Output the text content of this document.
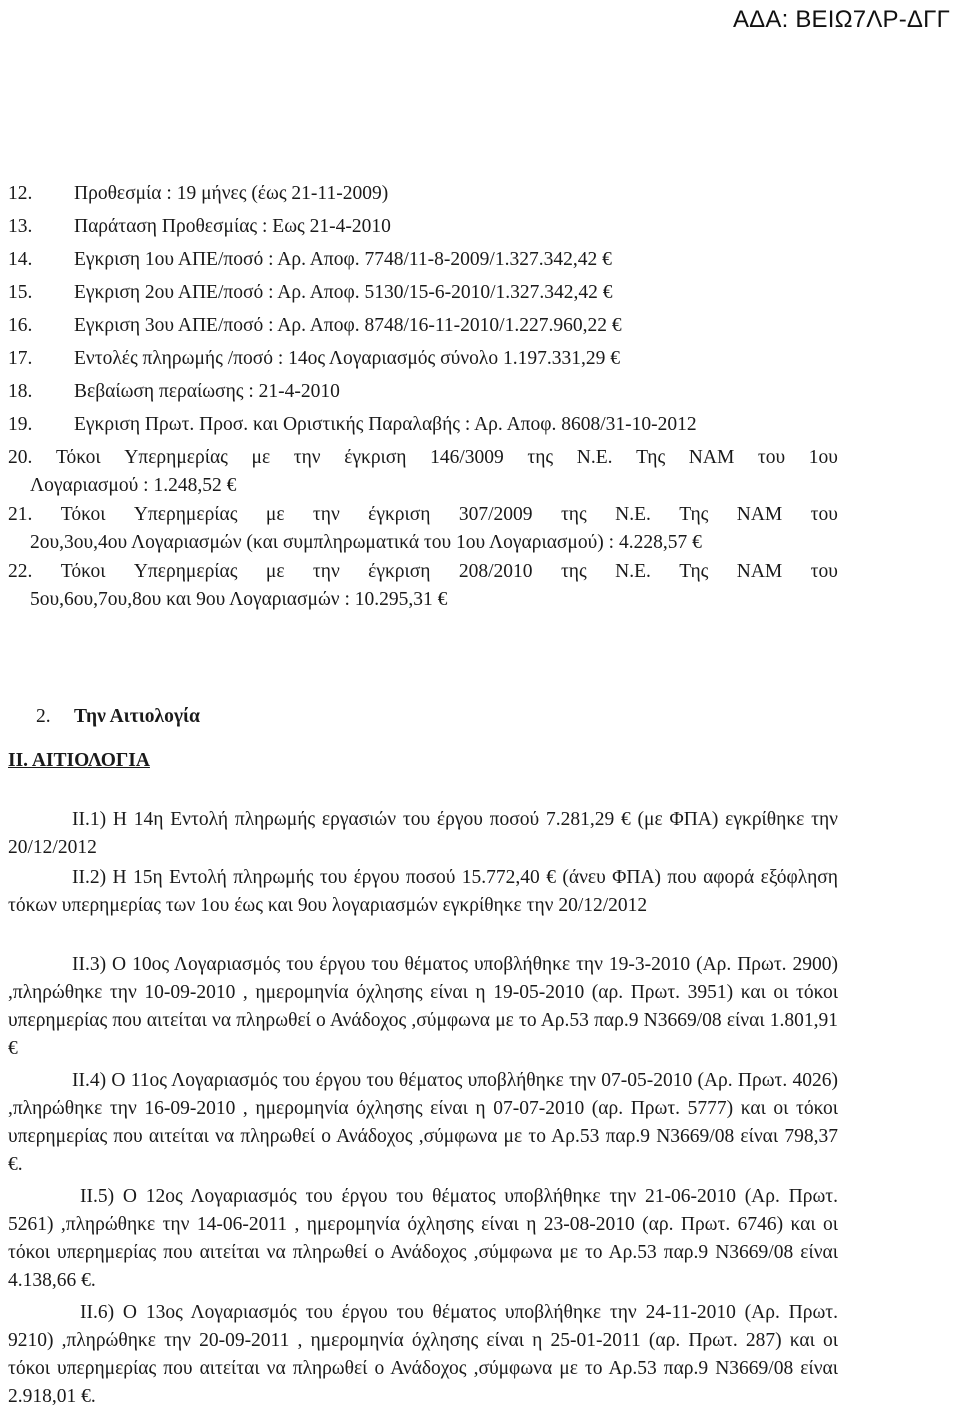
ΑΔΑ: ΒΕΙΩ7ΛΡ-ΔΓΓ
12. Προθεσμία : 19 μήνες (έως 21-11-2009)
13. Παράταση Προθεσμίας : Εως 21-4-2010
14. Εγκριση 1ου ΑΠΕ/ποσό : Αρ. Αποφ. 7748/11-8-2009/1.327.342,42 €
15. Εγκριση 2ου ΑΠΕ/ποσό : Αρ. Αποφ. 5130/15-6-2010/1.327.342,42 €
16. Εγκριση 3ου ΑΠΕ/ποσό : Αρ. Αποφ. 8748/16-11-2010/1.227.960,22 €
17. Εντολές πληρωμής /ποσό : 14ος Λογαριασμός σύνολο 1.197.331,29 €
18. Βεβαίωση περαίωσης : 21-4-2010
19. Εγκριση Πρωτ. Προσ. και Οριστικής Παραλαβής : Αρ. Αποφ. 8608/31-10-2012
20. Τόκοι Υπερημερίας με την έγκριση 146/3009 της Ν.Ε. Της ΝΑΜ του 1ου
Λογαριασμού : 1.248,52 €
21. Τόκοι Υπερημερίας με την έγκριση 307/2009 της Ν.Ε. Της ΝΑΜ του
2ου,3ου,4ου Λογαριασμών (και συμπληρωματικά του 1ου Λογαριασμού) : 4.228,57 €
22. Τόκοι Υπερημερίας με την έγκριση 208/2010 της Ν.Ε. Της ΝΑΜ του
5ου,6ου,7ου,8ου και 9ου Λογαριασμών : 10.295,31 €
2. Την Αιτιολογία
ΙΙ. ΑΙΤΙΟΛΟΓΙΑ

ΙΙ.1) Η 14η Εντολή πληρωμής εργασιών του έργου ποσού 7.281,29 € (με ΦΠΑ) εγκρίθηκε την 20/12/2012

ΙΙ.2) Η 15η Εντολή πληρωμής του έργου ποσού 15.772,40 € (άνευ ΦΠΑ) που αφορά εξόφληση τόκων υπερημερίας των 1ου έως και 9ου λογαριασμών εγκρίθηκε την 20/12/2012

ΙΙ.3) Ο 10ος Λογαριασμός του έργου του θέματος υποβλήθηκε την 19-3-2010 (Αρ. Πρωτ. 2900) ,πληρώθηκε την 10-09-2010 , ημερομηνία όχλησης είναι η 19-05-2010 (αρ. Πρωτ. 3951) και οι τόκοι υπερημερίας που αιτείται να πληρωθεί ο Ανάδοχος ,σύμφωνα με το Αρ.53 παρ.9 Ν3669/08 είναι 1.801,91 €

ΙΙ.4) Ο 11ος Λογαριασμός του έργου του θέματος υποβλήθηκε την 07-05-2010 (Αρ. Πρωτ. 4026) ,πληρώθηκε την 16-09-2010 , ημερομηνία όχλησης είναι η 07-07-2010 (αρ. Πρωτ. 5777) και οι τόκοι υπερημερίας που αιτείται να πληρωθεί ο Ανάδοχος ,σύμφωνα με το Αρ.53 παρ.9 Ν3669/08 είναι 798,37 €.

ΙΙ.5) Ο 12ος Λογαριασμός του έργου του θέματος υποβλήθηκε την 21-06-2010 (Αρ. Πρωτ. 5261) ,πληρώθηκε την 14-06-2011 , ημερομηνία όχλησης είναι η 23-08-2010 (αρ. Πρωτ. 6746) και οι τόκοι υπερημερίας που αιτείται να πληρωθεί ο Ανάδοχος ,σύμφωνα με το Αρ.53 παρ.9 Ν3669/08 είναι 4.138,66 €.

ΙΙ.6) Ο 13ος Λογαριασμός του έργου του θέματος υποβλήθηκε την 24-11-2010 (Αρ. Πρωτ. 9210) ,πληρώθηκε την 20-09-2011 , ημερομηνία όχλησης είναι η 25-01-2011 (αρ. Πρωτ. 287) και οι τόκοι υπερημερίας που αιτείται να πληρωθεί ο Ανάδοχος ,σύμφωνα με το Αρ.53 παρ.9 Ν3669/08 είναι 2.918,01 €.
